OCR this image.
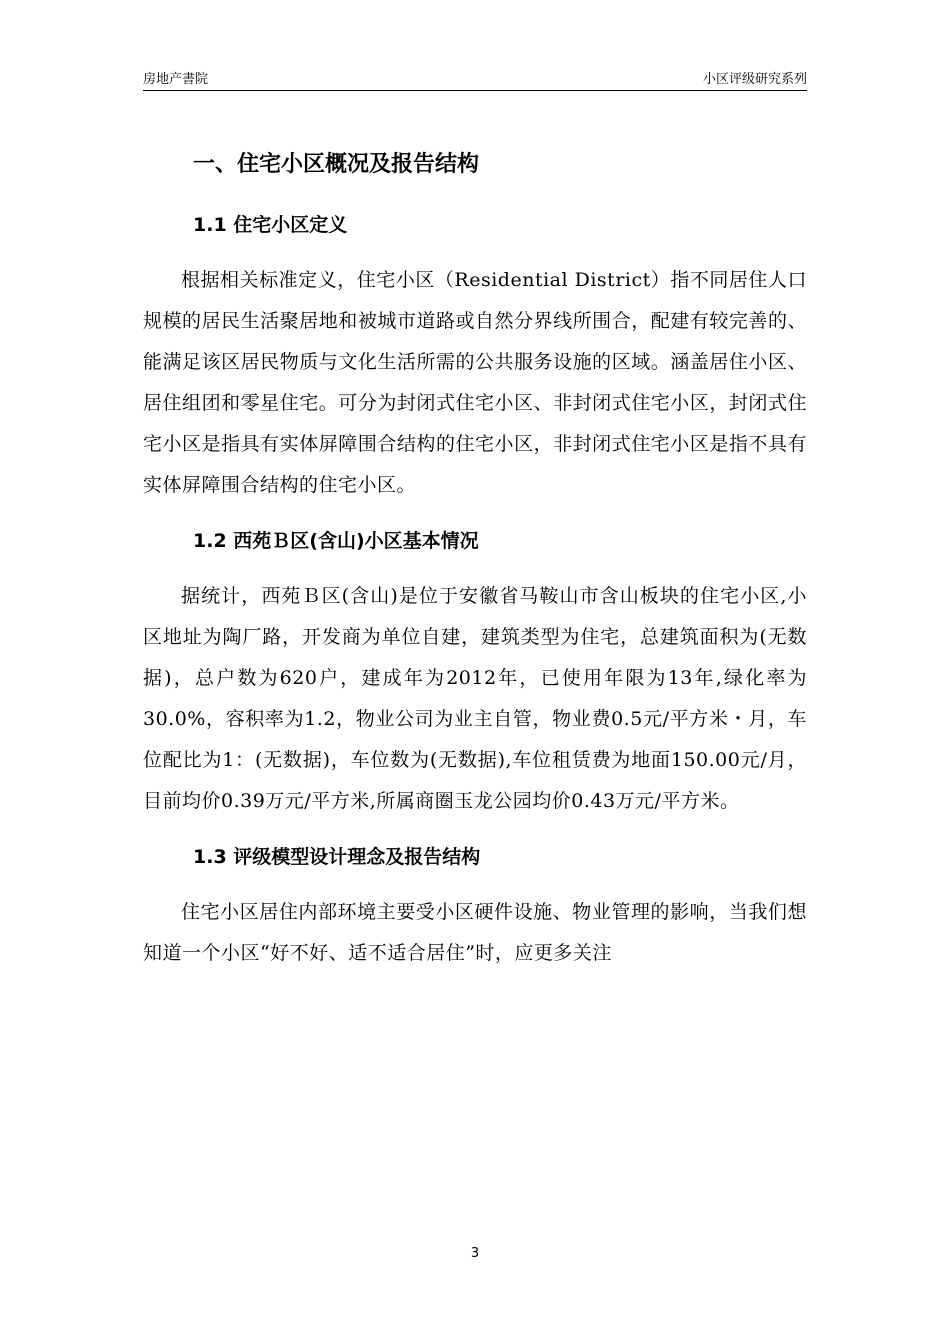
房地产書院	小区评级研究系列
一、住宅小区概况及报告结构
1.1 住宅小区定义

根据相关标准定义，住宅小区（Residential District）指不同居住人口规模的居民生活聚居地和被城市道路或自然分界线所围合，配建有较完善的、能满足该区居民物质与文化生活所需的公共服务设施的区域。涵盖居住小区、居住组团和零星住宅。可分为封闭式住宅小区、非封闭式住宅小区，封闭式住宅小区是指具有实体屏障围合结构的住宅小区，非封闭式住宅小区是指不具有实体屏障围合结构的住宅小区。

1.2 西苑Ｂ区(含山)小区基本情况

据统计，西苑Ｂ区(含山)是位于安徽省马鞍山市含山板块的住宅小区,小区地址为陶厂路，开发商为单位自建，建筑类型为住宅，总建筑面积为(无数据)，总户数为620户，建成年为2012年，已使用年限为13年,绿化率为30.0%，容积率为1.2，物业公司为业主自管，物业费0.5元/平方米・月，车位配比为1：(无数据)，车位数为(无数据),车位租赁费为地面150.00元/月，目前均价0.39万元/平方米,所属商圈玉龙公园均价0.43万元/平方米。

1.3 评级模型设计理念及报告结构

住宅小区居住内部环境主要受小区硬件设施、物业管理的影响，当我们想知道一个小区“好不好、适不适合居住”时，应更多关注

3
